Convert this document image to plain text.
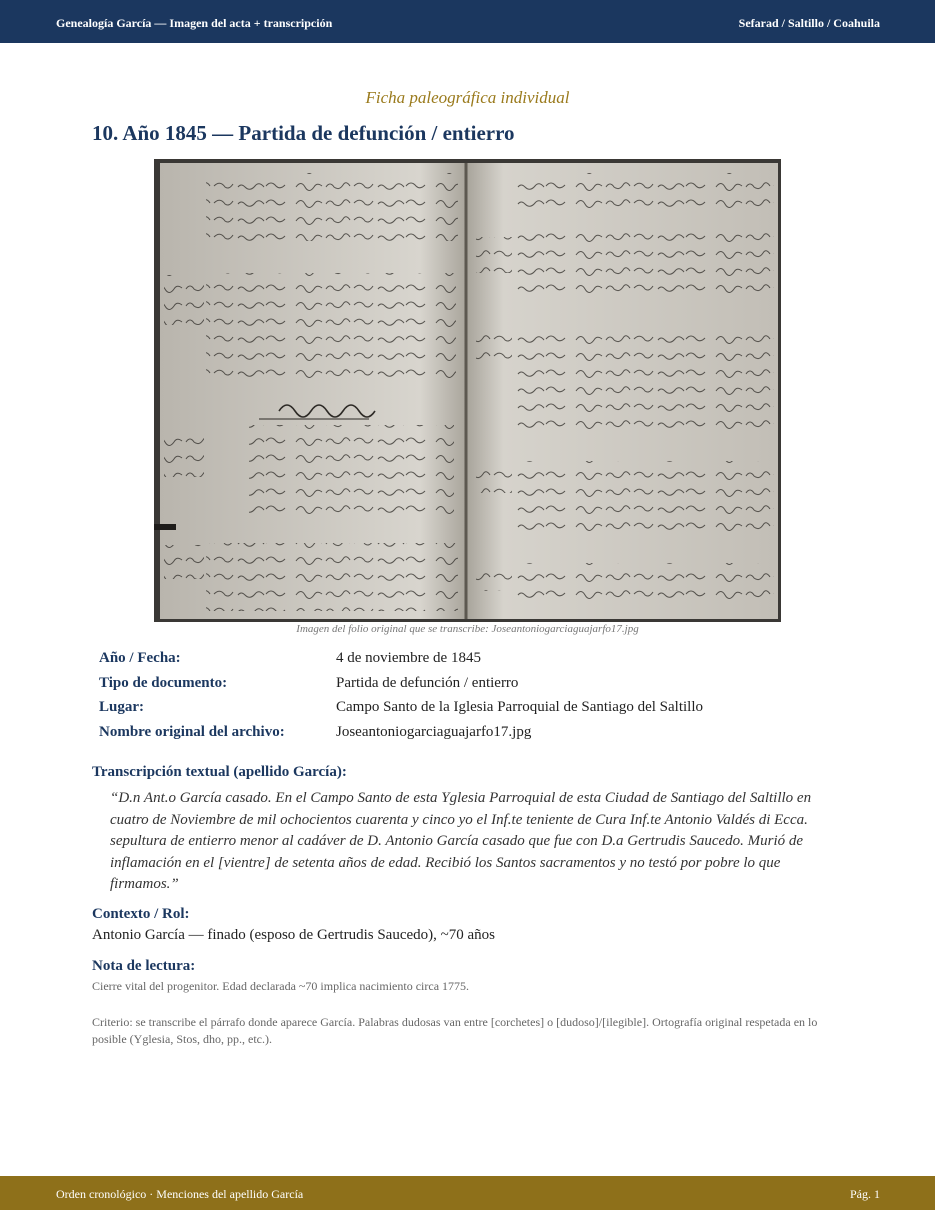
Genealogía García — Imagen del acta + transcripción	Sefarad / Saltillo / Coahuila
Ficha paleográfica individual
10. Año 1845 — Partida de defunción / entierro
Imagen del folio original que se transcribe: Joseantoniogarciaguajarfo17.jpg
Año / Fecha:	4 de noviembre de 1845
Tipo de documento:	Partida de defunción / entierro
Lugar:	Campo Santo de la Iglesia Parroquial de Santiago del Saltillo
Nombre original del archivo:	Joseantoniogarciaguajarfo17.jpg
Transcripción textual (apellido García):
“D.n Ant.o García casado. En el Campo Santo de esta Yglesia Parroquial de esta Ciudad de Santiago del Saltillo en cuatro de Noviembre de mil ochocientos cuarenta y cinco yo el Inf.te teniente de Cura Inf.te Antonio Valdés di Ecca. sepultura de entierro menor al cadáver de D. Antonio García casado que fue con D.a Gertrudis Saucedo. Murió de inflamación en el [vientre] de setenta años de edad. Recibió los Santos sacramentos y no testó por pobre lo que firmamos.”
Contexto / Rol:
Antonio García — finado (esposo de Gertrudis Saucedo), ~70 años
Nota de lectura:
Cierre vital del progenitor. Edad declarada ~70 implica nacimiento circa 1775.
Criterio: se transcribe el párrafo donde aparece García. Palabras dudosas van entre [corchetes] o [dudoso]/[ilegible]. Ortografía original respetada en lo posible (Yglesia, Stos, dho, pp., etc.).
Orden cronológico · Menciones del apellido García	Pág. 1
